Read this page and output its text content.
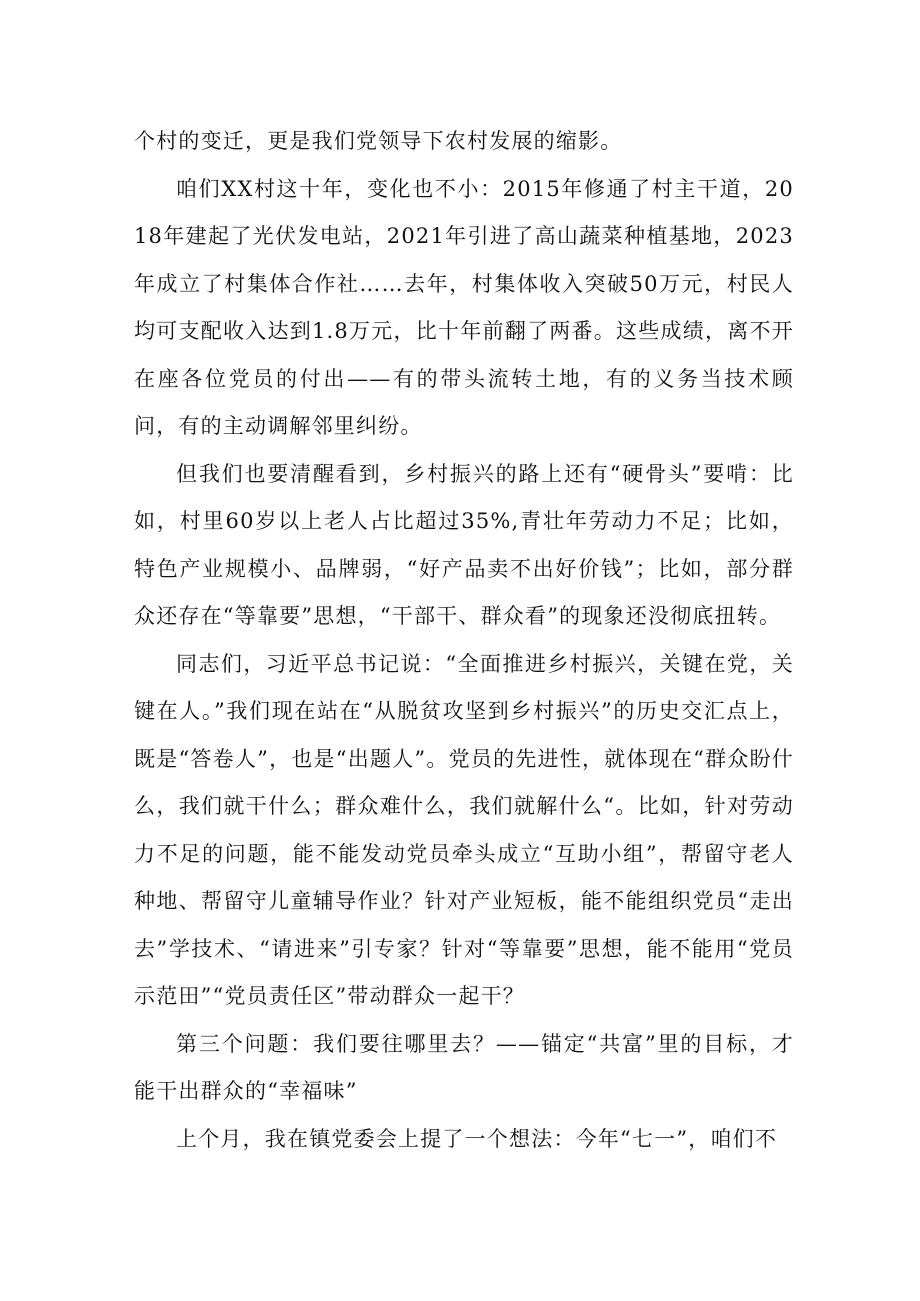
个村的变迁，更是我们党领导下农村发展的缩影。

咱们XX村这十年，变化也不小：2015年修通了村主干道，2018年建起了光伏发电站，2021年引进了高山蔬菜种植基地，2023年成立了村集体合作社……去年，村集体收入突破50万元，村民人均可支配收入达到1.8万元，比十年前翻了两番。这些成绩，离不开在座各位党员的付出——有的带头流转土地，有的义务当技术顾问，有的主动调解邻里纠纷。

但我们也要清醒看到，乡村振兴的路上还有“硬骨头”要啃：比如，村里60岁以上老人占比超过35%,青壮年劳动力不足；比如，特色产业规模小、品牌弱，“好产品卖不出好价钱”；比如，部分群众还存在“等靠要”思想，“干部干、群众看”的现象还没彻底扭转。

同志们，习近平总书记说：“全面推进乡村振兴，关键在党，关键在人。”我们现在站在“从脱贫攻坚到乡村振兴”的历史交汇点上，既是“答卷人”，也是“出题人”。党员的先进性，就体现在“群众盼什么，我们就干什么；群众难什么，我们就解什么“。比如，针对劳动力不足的问题，能不能发动党员牵头成立“互助小组”，帮留守老人种地、帮留守儿童辅导作业？针对产业短板，能不能组织党员“走出去”学技术、“请进来”引专家？针对“等靠要”思想，能不能用“党员示范田”“党员责任区”带动群众一起干？

第三个问题：我们要往哪里去？——锚定“共富”里的目标，才能干出群众的“幸福味”

上个月，我在镇党委会上提了一个想法：今年“七一”，咱们不
